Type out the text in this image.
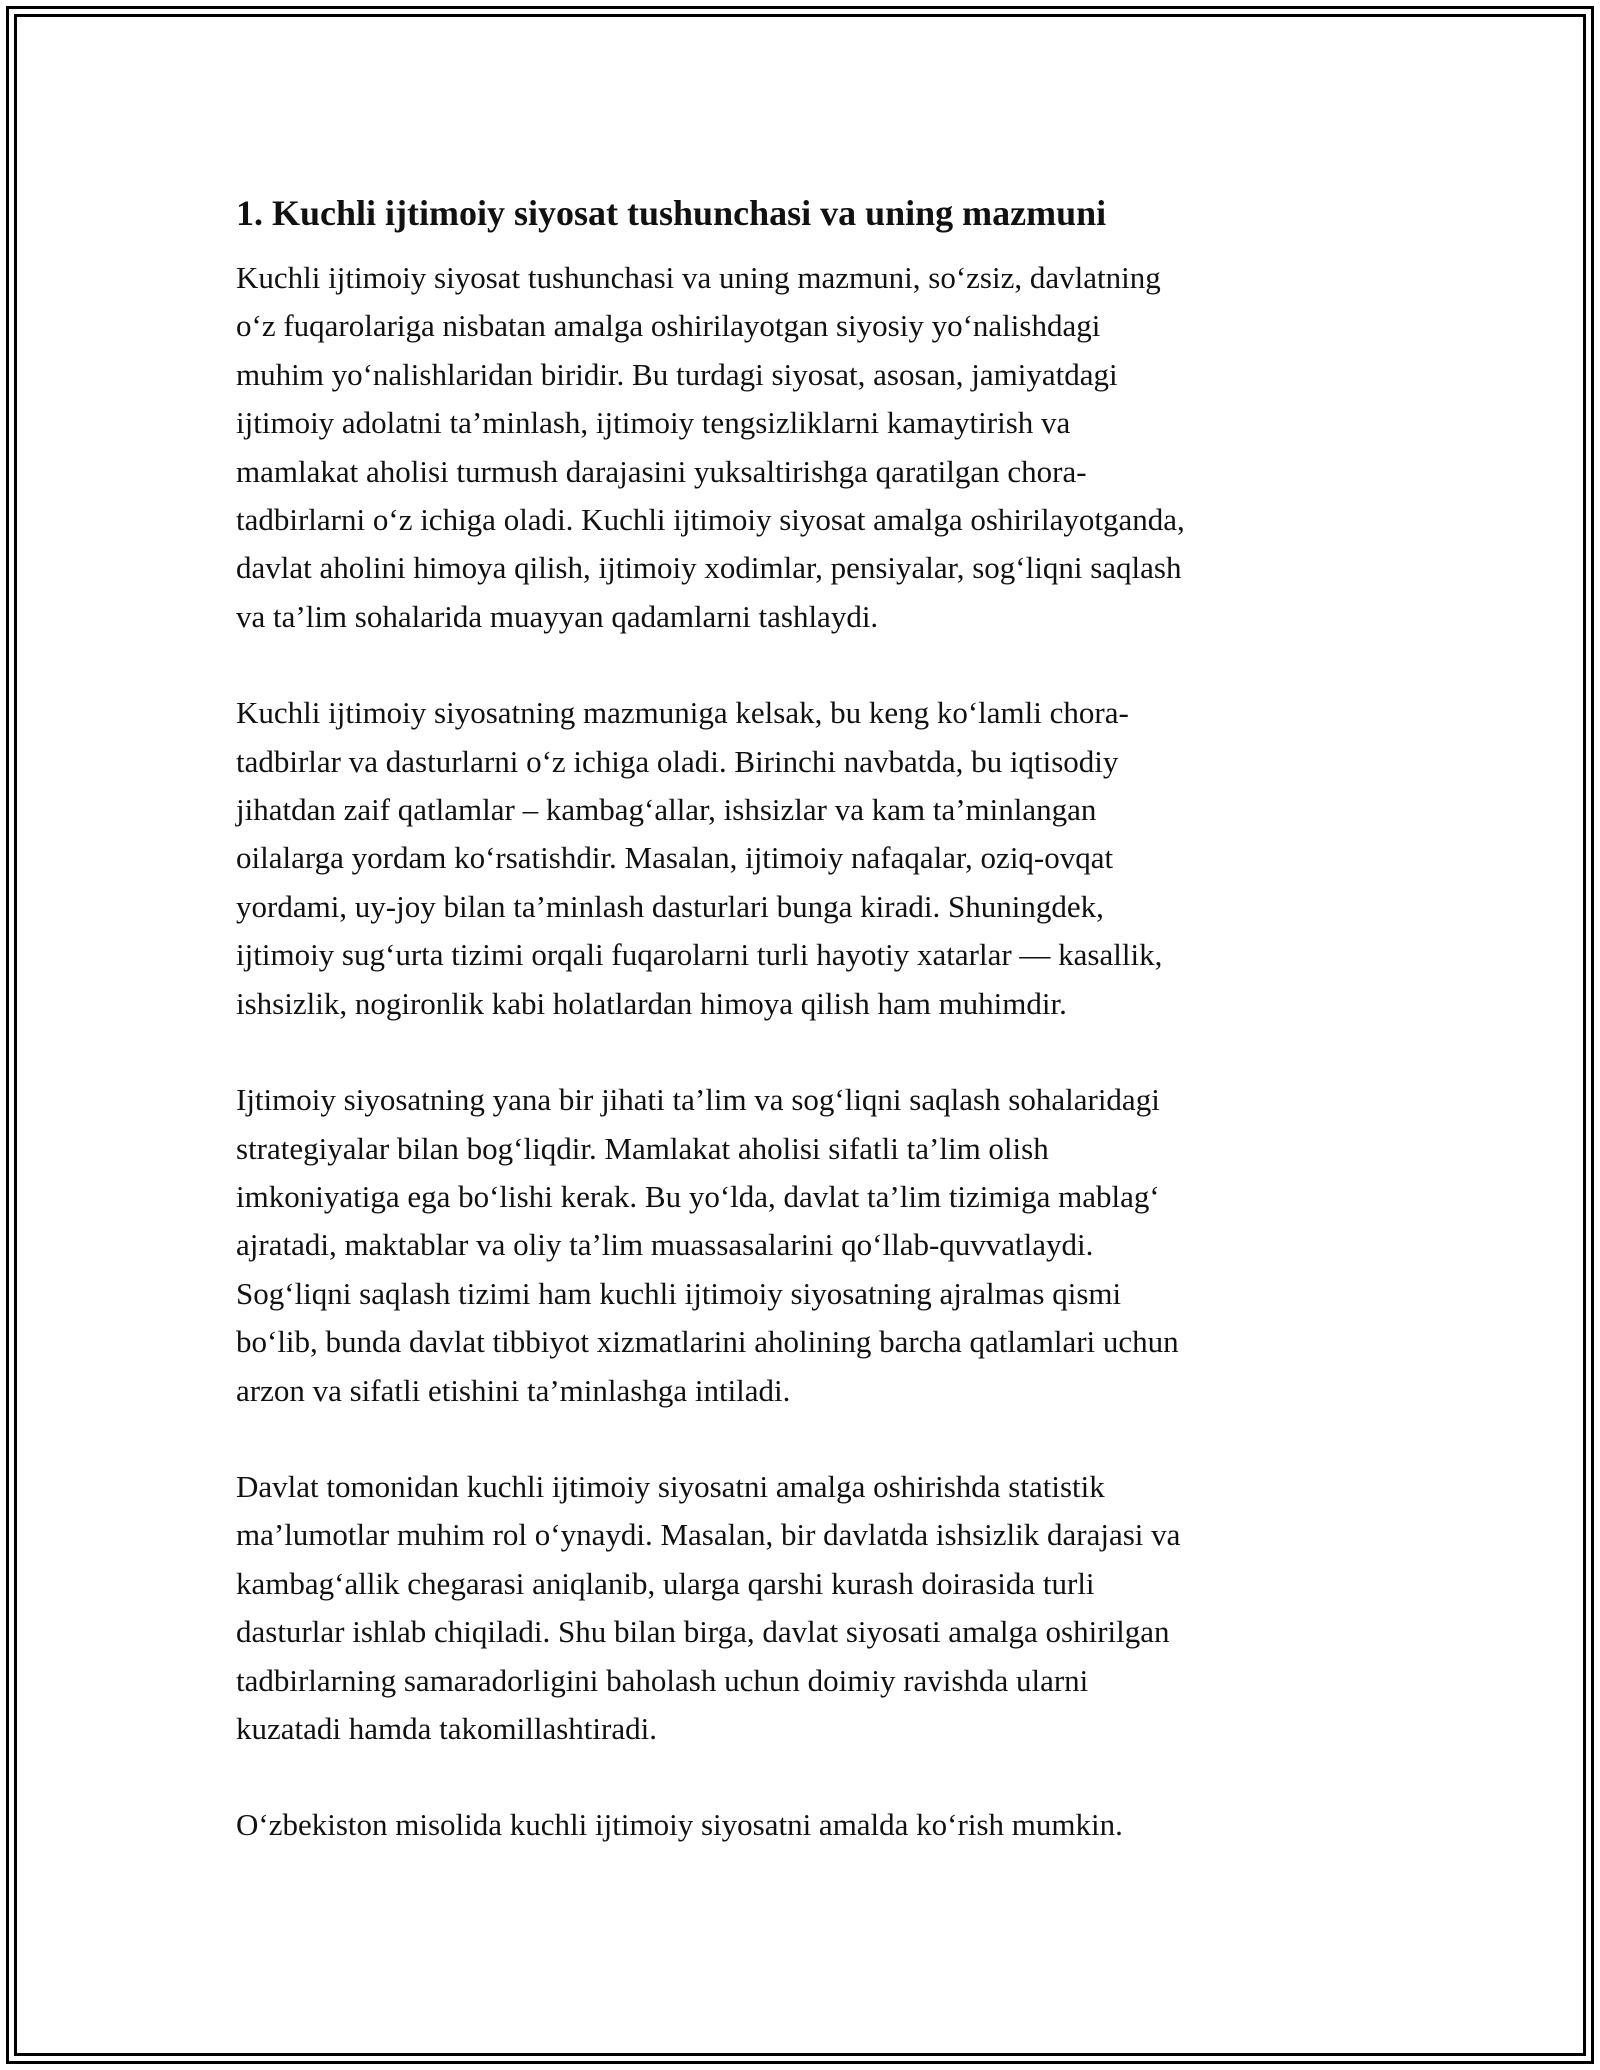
1. Kuchli ijtimoiy siyosat tushunchasi va uning mazmuni

Kuchli ijtimoiy siyosat tushunchasi va uning mazmuni, so‘zsiz, davlatning
o‘z fuqarolariga nisbatan amalga oshirilayotgan siyosiy yo‘nalishdagi
muhim yo‘nalishlaridan biridir. Bu turdagi siyosat, asosan, jamiyatdagi
ijtimoiy adolatni ta’minlash, ijtimoiy tengsizliklarni kamaytirish va
mamlakat aholisi turmush darajasini yuksaltirishga qaratilgan chora-
tadbirlarni o‘z ichiga oladi. Kuchli ijtimoiy siyosat amalga oshirilayotganda,
davlat aholini himoya qilish, ijtimoiy xodimlar, pensiyalar, sog‘liqni saqlash
va ta’lim sohalarida muayyan qadamlarni tashlaydi.

Kuchli ijtimoiy siyosatning mazmuniga kelsak, bu keng ko‘lamli chora-
tadbirlar va dasturlarni o‘z ichiga oladi. Birinchi navbatda, bu iqtisodiy
jihatdan zaif qatlamlar – kambag‘allar, ishsizlar va kam ta’minlangan
oilalarga yordam ko‘rsatishdir. Masalan, ijtimoiy nafaqalar, oziq-ovqat
yordami, uy-joy bilan ta’minlash dasturlari bunga kiradi. Shuningdek,
ijtimoiy sug‘urta tizimi orqali fuqarolarni turli hayotiy xatarlar — kasallik,
ishsizlik, nogironlik kabi holatlardan himoya qilish ham muhimdir.

Ijtimoiy siyosatning yana bir jihati ta’lim va sog‘liqni saqlash sohalaridagi
strategiyalar bilan bog‘liqdir. Mamlakat aholisi sifatli ta’lim olish
imkoniyatiga ega bo‘lishi kerak. Bu yo‘lda, davlat ta’lim tizimiga mablag‘
ajratadi, maktablar va oliy ta’lim muassasalarini qo‘llab-quvvatlaydi.
Sog‘liqni saqlash tizimi ham kuchli ijtimoiy siyosatning ajralmas qismi
bo‘lib, bunda davlat tibbiyot xizmatlarini aholining barcha qatlamlari uchun
arzon va sifatli etishini ta’minlashga intiladi.

Davlat tomonidan kuchli ijtimoiy siyosatni amalga oshirishda statistik
ma’lumotlar muhim rol o‘ynaydi. Masalan, bir davlatda ishsizlik darajasi va
kambag‘allik chegarasi aniqlanib, ularga qarshi kurash doirasida turli
dasturlar ishlab chiqiladi. Shu bilan birga, davlat siyosati amalga oshirilgan
tadbirlarning samaradorligini baholash uchun doimiy ravishda ularni
kuzatadi hamda takomillashtiradi.

O‘zbekiston misolida kuchli ijtimoiy siyosatni amalda ko‘rish mumkin.
